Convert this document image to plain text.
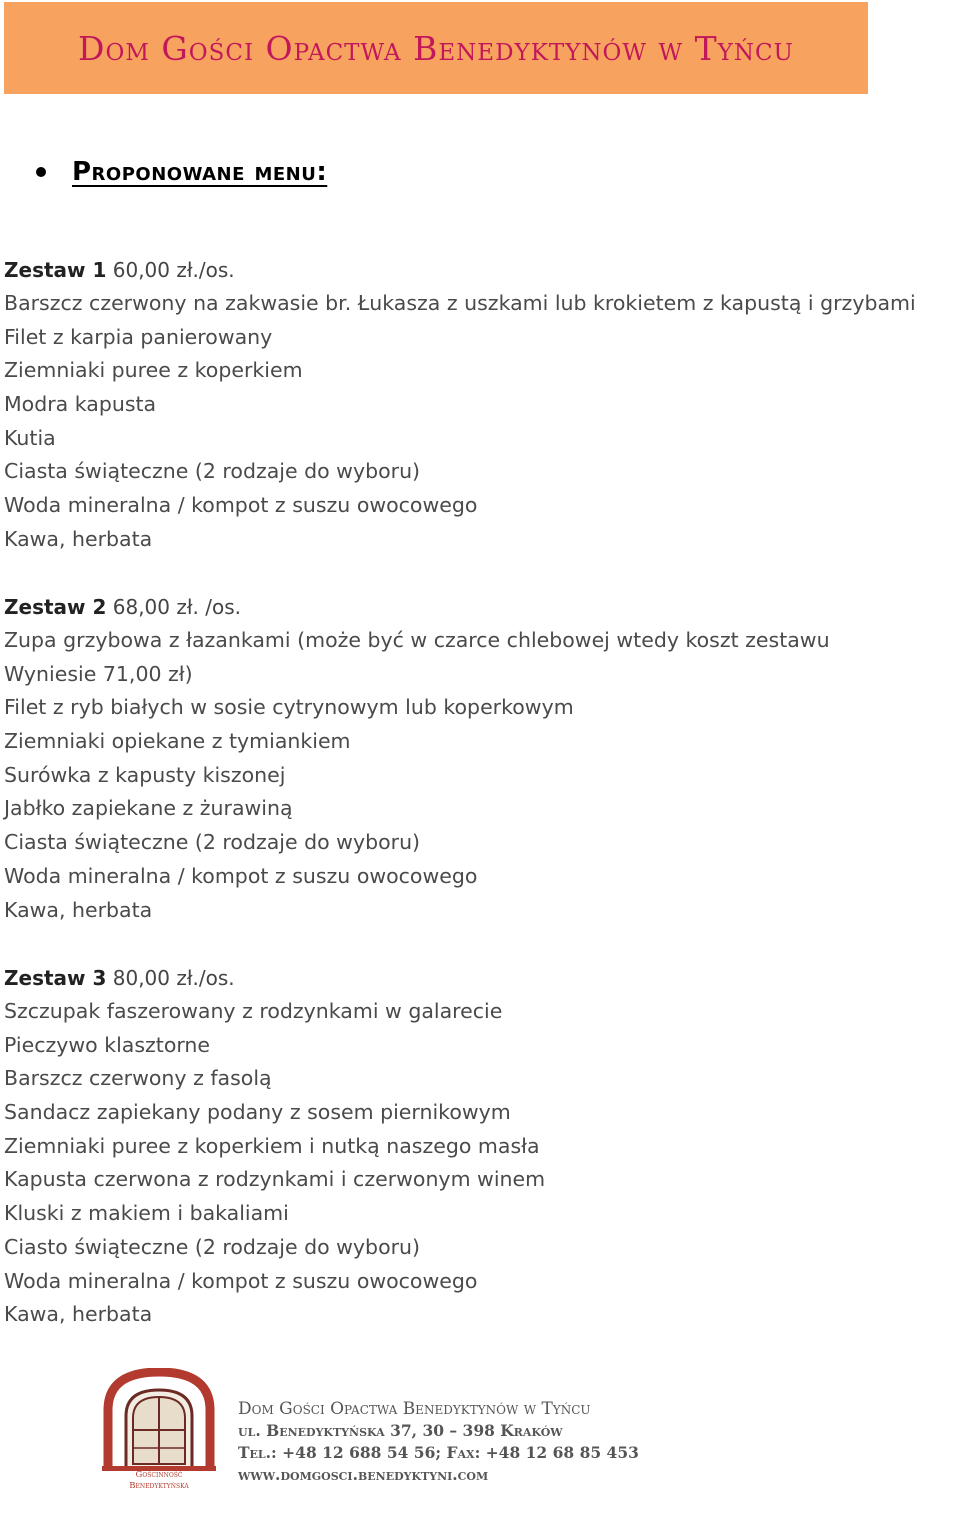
Dom Gości Opactwa Benedyktynów w Tyńcu
Proponowane menu:
Zestaw 1 60,00 zł./os.
Barszcz czerwony na zakwasie br. Łukasza z uszkami lub krokietem z kapustą i grzybami
Filet z karpia panierowany
Ziemniaki puree z koperkiem
Modra kapusta
Kutia
Ciasta świąteczne (2 rodzaje do wyboru)
Woda mineralna / kompot z suszu owocowego
Kawa, herbata
Zestaw 2 68,00 zł. /os.
Zupa grzybowa z łazankami (może być w czarce chlebowej wtedy koszt zestawu
Wyniesie 71,00 zł)
Filet z ryb białych w sosie cytrynowym lub koperkowym
Ziemniaki opiekane z tymiankiem
Surówka z kapusty kiszonej
Jabłko zapiekane z żurawiną
Ciasta świąteczne (2 rodzaje do wyboru)
Woda mineralna / kompot z suszu owocowego
Kawa, herbata
Zestaw 3 80,00 zł./os.
Szczupak faszerowany z rodzynkami w galarecie
Pieczywo klasztorne
Barszcz czerwony z fasolą
Sandacz zapiekany podany z sosem piernikowym
Ziemniaki puree z koperkiem i nutką naszego masła
Kapusta czerwona z rodzynkami i czerwonym winem
Kluski z makiem i bakaliami
Ciasto świąteczne (2 rodzaje do wyboru)
Woda mineralna / kompot z suszu owocowego
Kawa, herbata
Gościnność
Benedyktyńska
Dom Gości Opactwa Benedyktynów w Tyńcu
ul. Benedyktyńska 37, 30 – 398 Kraków
Tel.: +48 12 688 54 56; Fax: +48 12 68 85 453
www.domgosci.benedyktyni.com
